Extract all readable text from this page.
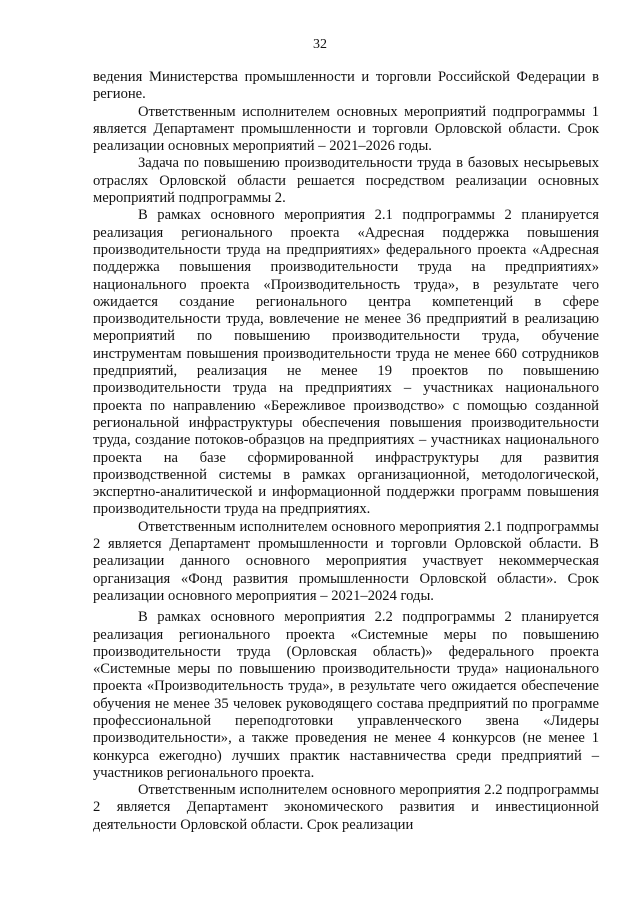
32

ведения Министерства промышленности и торговли Российской Федерации в регионе.

Ответственным исполнителем основных мероприятий подпрограммы 1 является Департамент промышленности и торговли Орловской области. Срок реализации основных мероприятий – 2021–2026 годы.

Задача по повышению производительности труда в базовых несырьевых отраслях Орловской области решается посредством реализации основных мероприятий подпрограммы 2.

В рамках основного мероприятия 2.1 подпрограммы 2 планируется реализация регионального проекта «Адресная поддержка повышения производительности труда на предприятиях» федерального проекта «Адресная поддержка повышения производительности труда на предприятиях» национального проекта «Производительность труда», в результате чего ожидается создание регионального центра компетенций в сфере производительности труда, вовлечение не менее 36 предприятий в реализацию мероприятий по повышению производительности труда, обучение инструментам повышения производительности труда не менее 660 сотрудников предприятий, реализация не менее 19 проектов по повышению производительности труда на предприятиях – участниках национального проекта по направлению «Бережливое производство» с помощью созданной региональной инфраструктуры обеспечения повышения производительности труда, создание потоков-образцов на предприятиях – участниках национального проекта на базе сформированной инфраструктуры для развития производственной системы в рамках организационной, методологической, экспертно-аналитической и информационной поддержки программ повышения производительности труда на предприятиях.

Ответственным исполнителем основного мероприятия 2.1 подпрограммы 2 является Департамент промышленности и торговли Орловской области. В реализации данного основного мероприятия участвует некоммерческая организация «Фонд развития промышленности Орловской области». Срок реализации основного мероприятия – 2021–2024 годы.

В рамках основного мероприятия 2.2 подпрограммы 2 планируется реализация регионального проекта «Системные меры по повышению производительности труда (Орловская область)» федерального проекта «Системные меры по повышению производительности труда» национального проекта «Производительность труда», в результате чего ожидается обеспечение обучения не менее 35 человек руководящего состава предприятий по программе профессиональной переподготовки управленческого звена «Лидеры производительности», а также проведения не менее 4 конкурсов (не менее 1 конкурса ежегодно) лучших практик наставничества среди предприятий – участников регионального проекта.

Ответственным исполнителем основного мероприятия 2.2 подпрограммы 2 является Департамент экономического развития и инвестиционной деятельности Орловской области. Срок реализации
